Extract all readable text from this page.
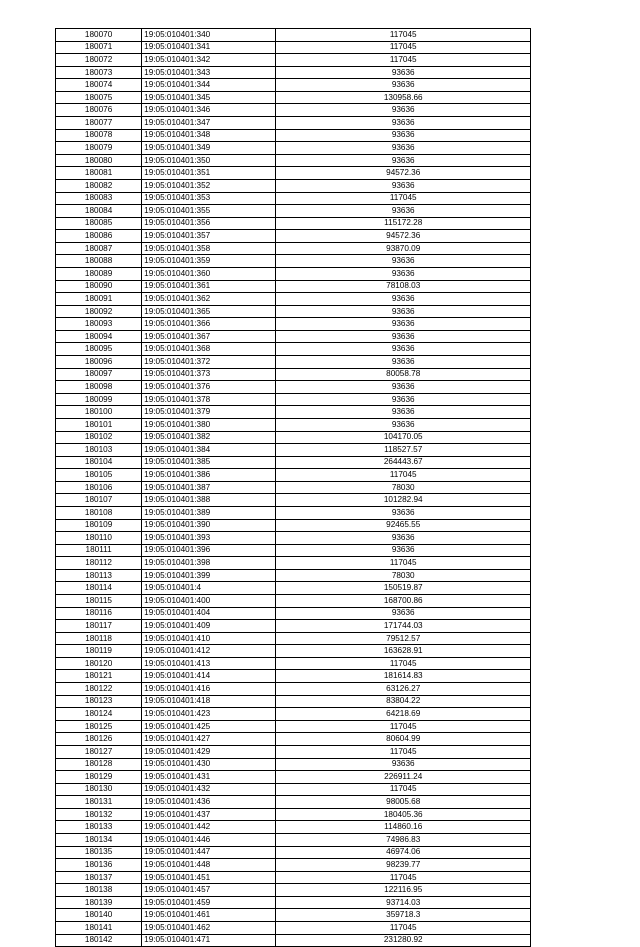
180070	19:05:010401:340	117045
180071	19:05:010401:341	117045
180072	19:05:010401:342	117045
180073	19:05:010401:343	93636
180074	19:05:010401:344	93636
180075	19:05:010401:345	130958.66
180076	19:05:010401:346	93636
180077	19:05:010401:347	93636
180078	19:05:010401:348	93636
180079	19:05:010401:349	93636
180080	19:05:010401:350	93636
180081	19:05:010401:351	94572.36
180082	19:05:010401:352	93636
180083	19:05:010401:353	117045
180084	19:05:010401:355	93636
180085	19:05:010401:356	115172.28
180086	19:05:010401:357	94572.36
180087	19:05:010401:358	93870.09
180088	19:05:010401:359	93636
180089	19:05:010401:360	93636
180090	19:05:010401:361	78108.03
180091	19:05:010401:362	93636
180092	19:05:010401:365	93636
180093	19:05:010401:366	93636
180094	19:05:010401:367	93636
180095	19:05:010401:368	93636
180096	19:05:010401:372	93636
180097	19:05:010401:373	80058.78
180098	19:05:010401:376	93636
180099	19:05:010401:378	93636
180100	19:05:010401:379	93636
180101	19:05:010401:380	93636
180102	19:05:010401:382	104170.05
180103	19:05:010401:384	118527.57
180104	19:05:010401:385	264443.67
180105	19:05:010401:386	117045
180106	19:05:010401:387	78030
180107	19:05:010401:388	101282.94
180108	19:05:010401:389	93636
180109	19:05:010401:390	92465.55
180110	19:05:010401:393	93636
180111	19:05:010401:396	93636
180112	19:05:010401:398	117045
180113	19:05:010401:399	78030
180114	19:05:010401:4	150519.87
180115	19:05:010401:400	168700.86
180116	19:05:010401:404	93636
180117	19:05:010401:409	171744.03
180118	19:05:010401:410	79512.57
180119	19:05:010401:412	163628.91
180120	19:05:010401:413	117045
180121	19:05:010401:414	181614.83
180122	19:05:010401:416	63126.27
180123	19:05:010401:418	83804.22
180124	19:05:010401:423	64218.69
180125	19:05:010401:425	117045
180126	19:05:010401:427	80604.99
180127	19:05:010401:429	117045
180128	19:05:010401:430	93636
180129	19:05:010401:431	226911.24
180130	19:05:010401:432	117045
180131	19:05:010401:436	98005.68
180132	19:05:010401:437	180405.36
180133	19:05:010401:442	114860.16
180134	19:05:010401:446	74986.83
180135	19:05:010401:447	46974.06
180136	19:05:010401:448	98239.77
180137	19:05:010401:451	117045
180138	19:05:010401:457	122116.95
180139	19:05:010401:459	93714.03
180140	19:05:010401:461	359718.3
180141	19:05:010401:462	117045
180142	19:05:010401:471	231280.92
